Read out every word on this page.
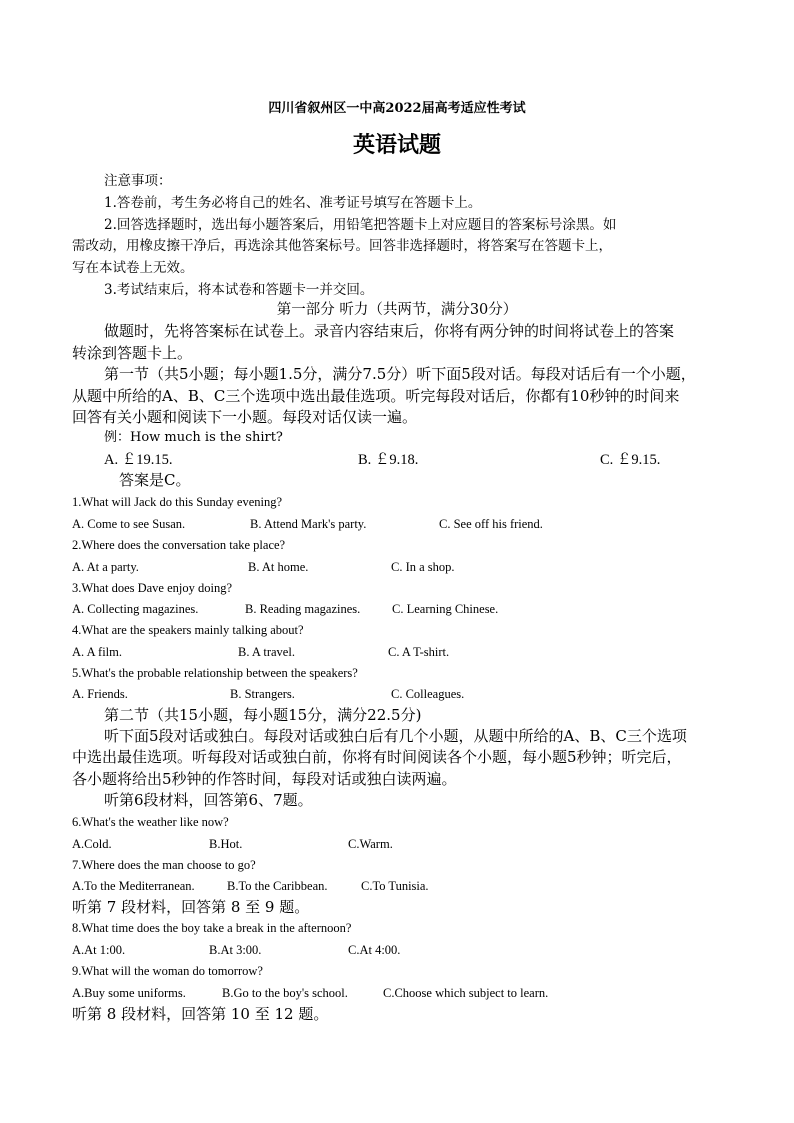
四川省叙州区一中高2022届高考适应性考试
英语试题
注意事项：
1.答卷前，考生务必将自己的姓名、准考证号填写在答题卡上。
2.回答选择题时，选出每小题答案后，用铅笔把答题卡上对应题目的答案标号涂黑。如
需改动，用橡皮擦干净后，再选涂其他答案标号。回答非选择题时，将答案写在答题卡上，
写在本试卷上无效。
3.考试结束后，将本试卷和答题卡一并交回。
第一部分 听力（共两节，满分30分）
做题时，先将答案标在试卷上。录音内容结束后，你将有两分钟的时间将试卷上的答案
转涂到答题卡上。
第一节（共5小题；每小题1.5分，满分7.5分）听下面5段对话。每段对话后有一个小题，
从题中所给的A、B、C三个选项中选出最佳选项。听完每段对话后，你都有10秒钟的时间来
回答有关小题和阅读下一小题。每段对话仅读一遍。
例：How much is the shirt?
A. ￡19.15.	B. ￡9.18.	C. ￡9.15.
答案是C。
1.What will Jack do this Sunday evening?
A. Come to see Susan.	B. Attend Mark's party.	C. See off his friend.
2.Where does the conversation take place?
A. At a party.	B. At home.	C. In a shop.
3.What does Dave enjoy doing?
A. Collecting magazines.	B. Reading magazines.	C. Learning Chinese.
4.What are the speakers mainly talking about?
A. A film.	B. A travel.	C. A T-shirt.
5.What's the probable relationship between the speakers?
A. Friends.	B. Strangers.	C. Colleagues.
第二节（共15小题，每小题15分，满分22.5分)
听下面5段对话或独白。每段对话或独白后有几个小题，从题中所给的A、B、C三个选项
中选出最佳选项。听每段对话或独白前，你将有时间阅读各个小题，每小题5秒钟；听完后，
各小题将给出5秒钟的作答时间，每段对话或独白读两遍。
听第6段材料，回答第6、7题。
6.What's the weather like now?
A.Cold.	B.Hot.	C.Warm.
7.Where does the man choose to go?
A.To the Mediterranean.	B.To the Caribbean.	C.To Tunisia.
听第 7 段材料，回答第 8 至 9 题。
8.What time does the boy take a break in the afternoon?
A.At 1:00.	B.At 3:00.	C.At 4:00.
9.What will the woman do tomorrow?
A.Buy some uniforms.	B.Go to the boy's school.	C.Choose which subject to learn.
听第 8 段材料，回答第 10 至 12 题。
